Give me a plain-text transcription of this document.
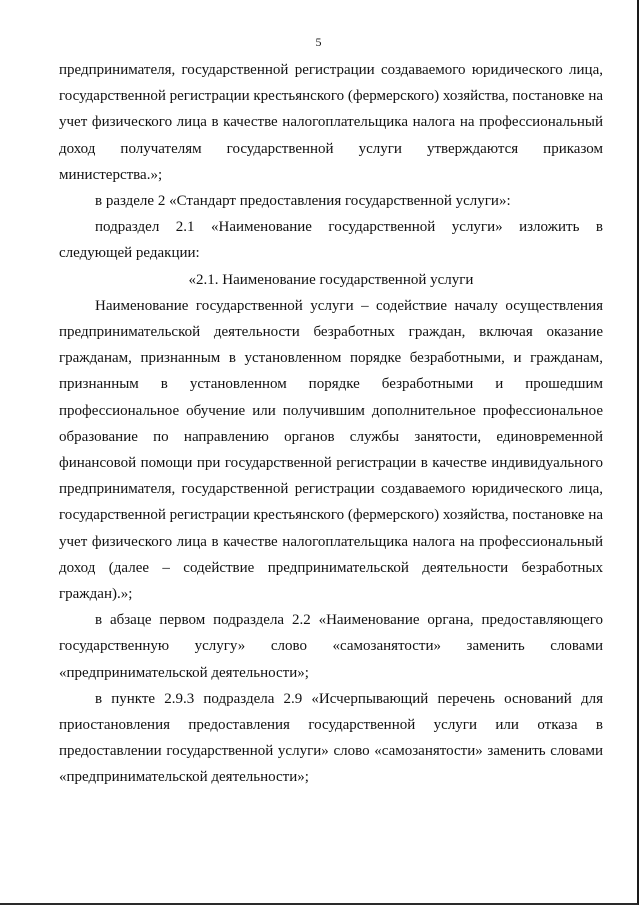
5

предпринимателя, государственной регистрации создаваемого юридического лица, государственной регистрации крестьянского (фермерского) хозяйства, постановке на учет физического лица в качестве налогоплательщика налога на профессиональный доход получателям государственной услуги утверждаются приказом министерства.»;

в разделе 2 «Стандарт предоставления государственной услуги»:

подраздел 2.1 «Наименование государственной услуги» изложить в следующей редакции:

«2.1. Наименование государственной услуги

Наименование государственной услуги – содействие началу осуществления предпринимательской деятельности безработных граждан, включая оказание гражданам, признанным в установленном порядке безработными, и гражданам, признанным в установленном порядке безработными и прошедшим профессиональное обучение или получившим дополнительное профессиональное образование по направлению органов службы занятости, единовременной финансовой помощи при государственной регистрации в качестве индивидуального предпринимателя, государственной регистрации создаваемого юридического лица, государственной регистрации крестьянского (фермерского) хозяйства, постановке на учет физического лица в качестве налогоплательщика налога на профессиональный доход (далее – содействие предпринимательской деятельности безработных граждан).»;

в абзаце первом подраздела 2.2 «Наименование органа, предоставляющего государственную услугу» слово «самозанятости» заменить словами «предпринимательской деятельности»;

в пункте 2.9.3 подраздела 2.9 «Исчерпывающий перечень оснований для приостановления предоставления государственной услуги или отказа в предоставлении государственной услуги» слово «самозанятости» заменить словами «предпринимательской деятельности»;
